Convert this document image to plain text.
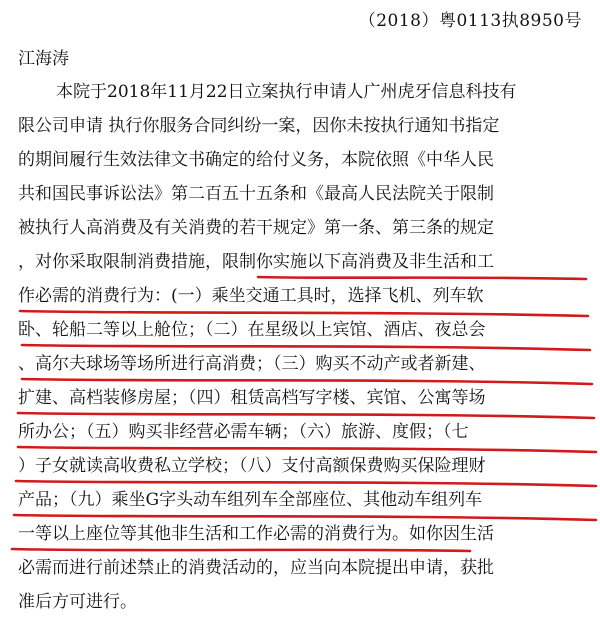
（2018）粤0113执8950号
江海涛
本院于2018年11月22日立案执行申请人广州虎牙信息科技有
限公司申请 执行你服务合同纠纷一案，因你未按执行通知书指定
的期间履行生效法律文书确定的给付义务，本院依照《中华人民
共和国民事诉讼法》第二百五十五条和《最高人民法院关于限制
被执行人高消费及有关消费的若干规定》第一条、第三条的规定
，对你采取限制消费措施，限制你实施以下高消费及非生活和工
作必需的消费行为：(一）乘坐交通工具时，选择飞机、列车软
卧、轮船二等以上舱位；（二）在星级以上宾馆、酒店、夜总会
、高尔夫球场等场所进行高消费；（三）购买不动产或者新建、
扩建、高档装修房屋；（四）租赁高档写字楼、宾馆、公寓等场
所办公；（五）购买非经营必需车辆；（六）旅游、度假；（七
）子女就读高收费私立学校；（八）支付高额保费购买保险理财
产品；（九）乘坐G字头动车组列车全部座位、其他动车组列车
一等以上座位等其他非生活和工作必需的消费行为。如你因生活
必需而进行前述禁止的消费活动的，应当向本院提出申请，获批
准后方可进行。
